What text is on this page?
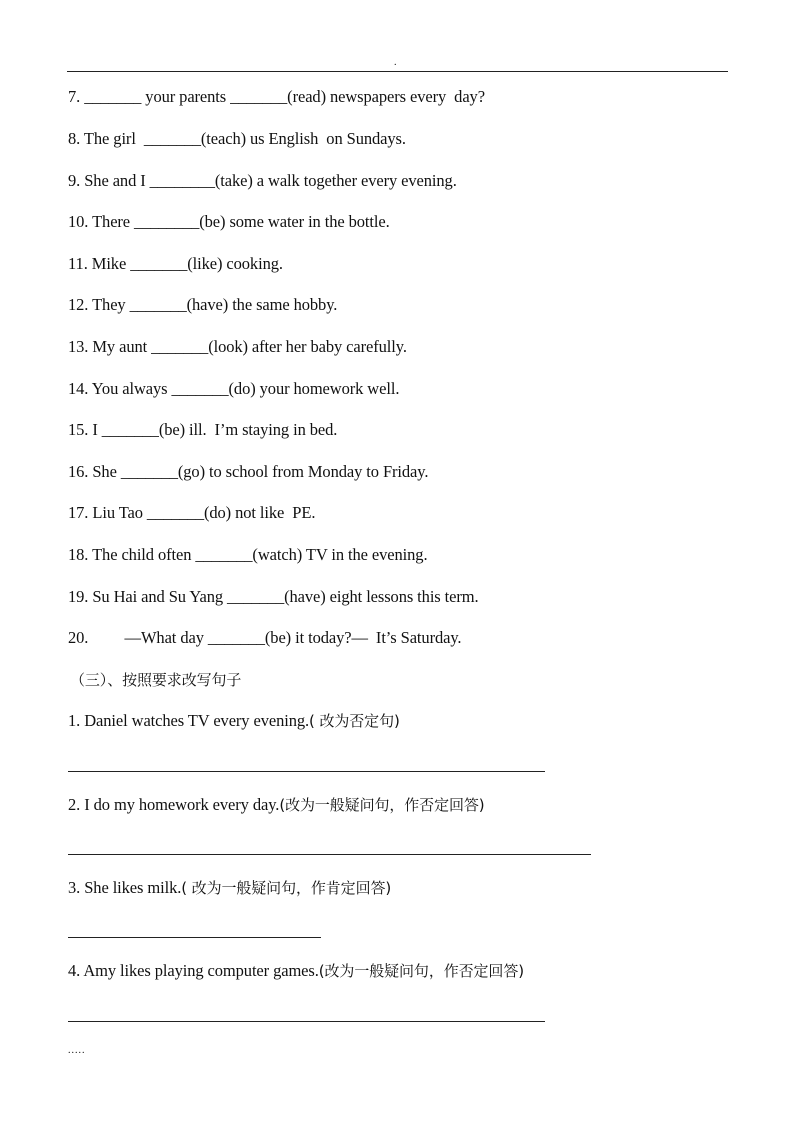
.
7. _______ your parents _______(read) newspapers every  day?
8. The girl  _______(teach) us English  on Sundays.
9. She and I ________(take) a walk together every evening.
10. There ________(be) some water in the bottle.
11. Mike _______(like) cooking.
12. They _______(have) the same hobby.
13. My aunt _______(look) after her baby carefully.
14. You always _______(do) your homework well.
15. I _______(be) ill.  I’m staying in bed.
16. She _______(go) to school from Monday to Friday.
17. Liu Tao _______(do) not like  PE.
18. The child often _______(watch) TV in the evening.
19. Su Hai and Su Yang _______(have) eight lessons this term.
20.         —What day _______(be) it today?—  It’s Saturday.
（三）、按照要求改写句子
1. Daniel watches TV every evening.( 改为否定句)
2. I do my homework every day.(改为一般疑问句，作否定回答)
3. She likes milk.( 改为一般疑问句，作肯定回答)
4. Amy likes playing computer games.(改为一般疑问句，作否定回答)
.....
